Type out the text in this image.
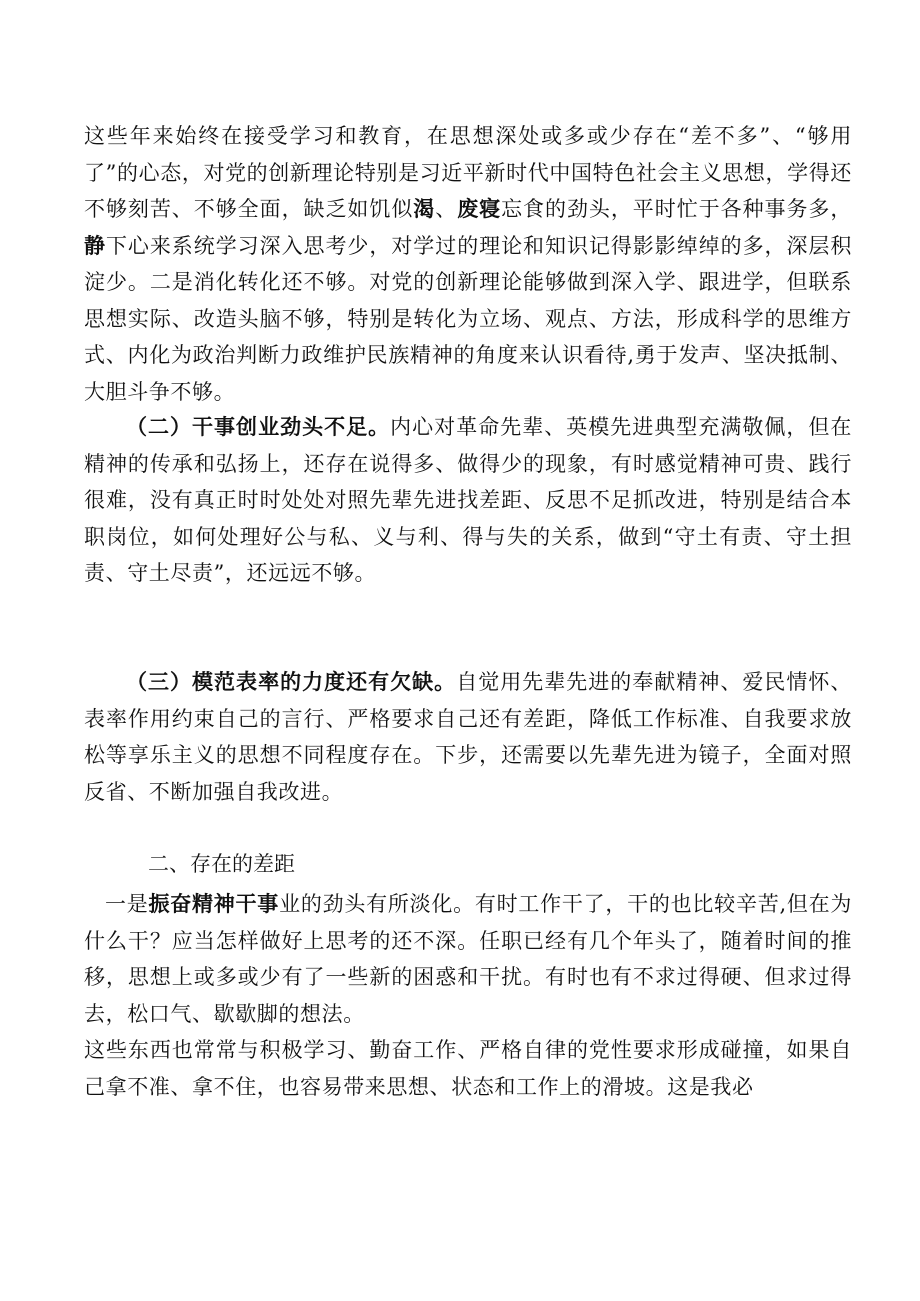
这些年来始终在接受学习和教育，在思想深处或多或少存在“差不多”、“够用了”的心态，对党的创新理论特别是习近平新时代中国特色社会主义思想，学得还不够刻苦、不够全面，缺乏如饥似渴、废寝忘食的劲头，平时忙于各种事务多，静下心来系统学习深入思考少，对学过的理论和知识记得影影绰绰的多，深层积淀少。二是消化转化还不够。对党的创新理论能够做到深入学、跟进学，但联系思想实际、改造头脑不够，特别是转化为立场、观点、方法，形成科学的思维方式、内化为政治判断力政维护民族精神的角度来认识看待,勇于发声、坚决抵制、大胆斗争不够。

（二）干事创业劲头不足。内心对革命先辈、英模先进典型充满敬佩，但在精神的传承和弘扬上，还存在说得多、做得少的现象，有时感觉精神可贵、践行很难，没有真正时时处处对照先辈先进找差距、反思不足抓改进，特别是结合本职岗位，如何处理好公与私、义与利、得与失的关系，做到“守土有责、守土担责、守土尽责”，还远远不够。

（三）模范表率的力度还有欠缺。自觉用先辈先进的奉献精神、爱民情怀、表率作用约束自己的言行、严格要求自己还有差距，降低工作标准、自我要求放松等享乐主义的思想不同程度存在。下步，还需要以先辈先进为镜子，全面对照反省、不断加强自我改进。

二、存在的差距

一是振奋精神干事业的劲头有所淡化。有时工作干了，干的也比较辛苦,但在为什么干？应当怎样做好上思考的还不深。任职已经有几个年头了，随着时间的推移，思想上或多或少有了一些新的困惑和干扰。有时也有不求过得硬、但求过得去，松口气、歇歇脚的想法。

这些东西也常常与积极学习、勤奋工作、严格自律的党性要求形成碰撞，如果自己拿不准、拿不住，也容易带来思想、状态和工作上的滑坡。这是我必
